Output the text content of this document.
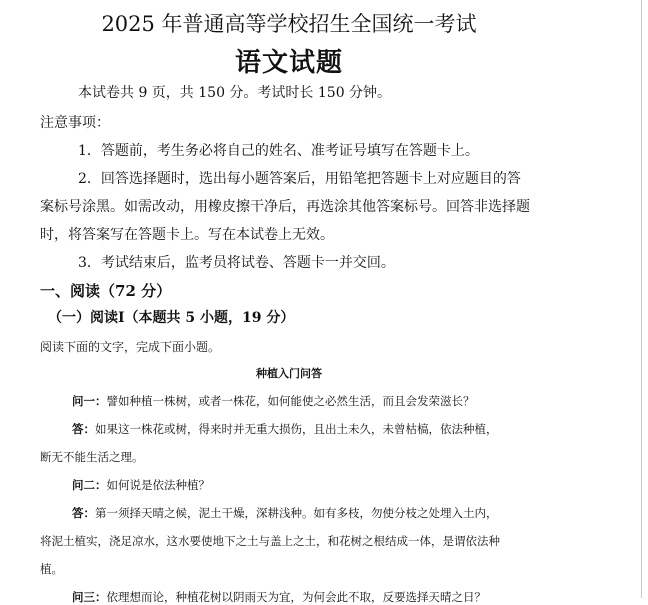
2025 年普通高等学校招生全国统一考试
语文试题
本试卷共 9 页，共 150 分。考试时长 150 分钟。
注意事项：
1．答题前，考生务必将自己的姓名、准考证号填写在答题卡上。
2．回答选择题时，选出每小题答案后，用铅笔把答题卡上对应题目的答
案标号涂黑。如需改动，用橡皮擦干净后，再选涂其他答案标号。回答非选择题
时，将答案写在答题卡上。写在本试卷上无效。
3．考试结束后，监考员将试卷、答题卡一并交回。
一、阅读（72 分）
（一）阅读Ⅰ（本题共 5 小题，19 分）
阅读下面的文字，完成下面小题。
种植入门问答
问一：譬如种植一株树，或者一株花，如何能使之必然生活，而且会发荣滋长？
答：如果这一株花或树，得来时并无重大损伤，且出土未久，未曾枯槁，依法种植，
断无不能生活之理。
问二：如何说是依法种植？
答：第一须择天晴之候，泥土干燥，深耕浅种。如有多枝，勿使分枝之处埋入土内，
将泥土植实，浇足凉水，这水要使地下之土与盖上之土，和花树之根结成一体，是谓依法种
植。
问三：依理想而论，种植花树以阴雨天为宜，为何会此不取，反要选择天晴之日？
